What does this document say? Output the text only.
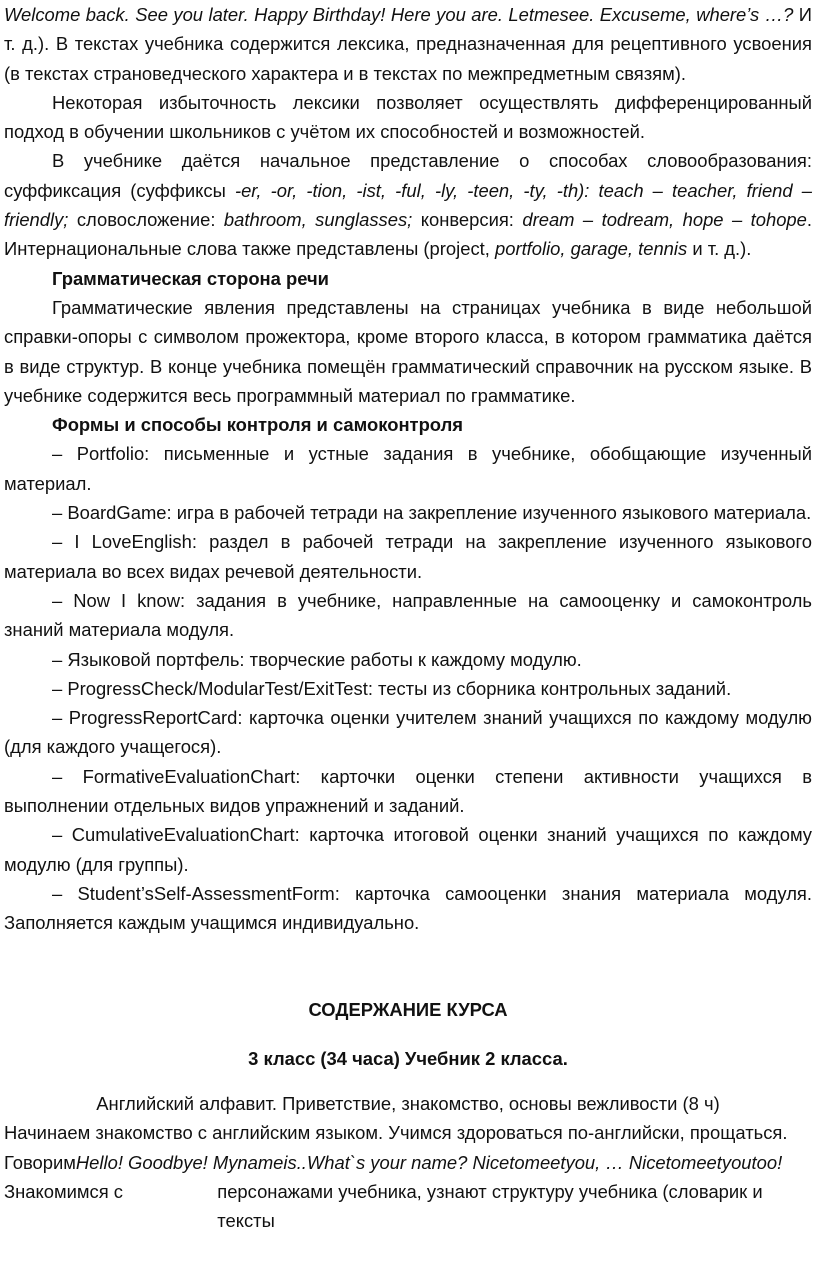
Welcome back. See you later. Happy Birthday! Here you are. Letmesee. Excuseme, where’s …? И т. д.). В текстах учебника содержится лексика, предназначенная для рецептивного усвоения (в текстах страноведческого характера и в текстах по межпредметным связям).

Некоторая избыточность лексики позволяет осуществлять дифференцированный подход в обучении школьников с учётом их способностей и возможностей.

В учебнике даётся начальное представление о способах словообразования: суффиксация (суффиксы -er, -or, -tion, -ist, -ful, -ly, -teen, -ty, -th): teach – teacher, friend – friendly; словосложение: bathroom, sunglasses; конверсия: dream – todream, hope – tohope. Интернациональные слова также представлены (project, portfolio, garage, tennis и т. д.).

Грамматическая сторона речи

Грамматические явления представлены на страницах учебника в виде небольшой справки-опоры с символом прожектора, кроме второго класса, в котором грамматика даётся в виде структур. В конце учебника помещён грамматический справочник на русском языке. В учебнике содержится весь программный материал по грамматике.

Формы и способы контроля и самоконтроля

– Portfolio: письменные и устные задания в учебнике, обобщающие изученный материал.

– BoardGame: игра в рабочей тетради на закрепление изученного языкового материала.

– I LoveEnglish: раздел в рабочей тетради на закрепление изученного языкового материала во всех видах речевой деятельности.

– Now I know: задания в учебнике, направленные на самооценку и самоконтроль знаний материала модуля.

– Языковой портфель: творческие работы к каждому модулю.

– ProgressCheck/ModularTest/ExitTest: тесты из сборника контрольных заданий.

– ProgressReportCard: карточка оценки учителем знаний учащихся по каждому модулю (для каждого учащегося).

– FormativeEvaluationChart: карточки оценки степени активности учащихся в выполнении отдельных видов упражнений и заданий.

– CumulativeEvaluationChart: карточка итоговой оценки знаний учащихся по каждому модулю (для группы).

– Student’sSelf-AssessmentForm: карточка самооценки знания материала модуля. Заполняется каждым учащимся индивидуально.

СОДЕРЖАНИЕ КУРСА

3 класс (34 часа) Учебник 2 класса.

Английский алфавит. Приветствие, знакомство, основы вежливости (8 ч)

Начинаем знакомство с английским языком. Учимся здороваться по-английски, прощаться.

ГоворимHello! Goodbye! Mynameis..What`s your name? Nicetomeetyou, … Nicetomeetyoutoo!

Знакомимся с	персонажами учебника, узнают структуру учебника (словарик и тексты
